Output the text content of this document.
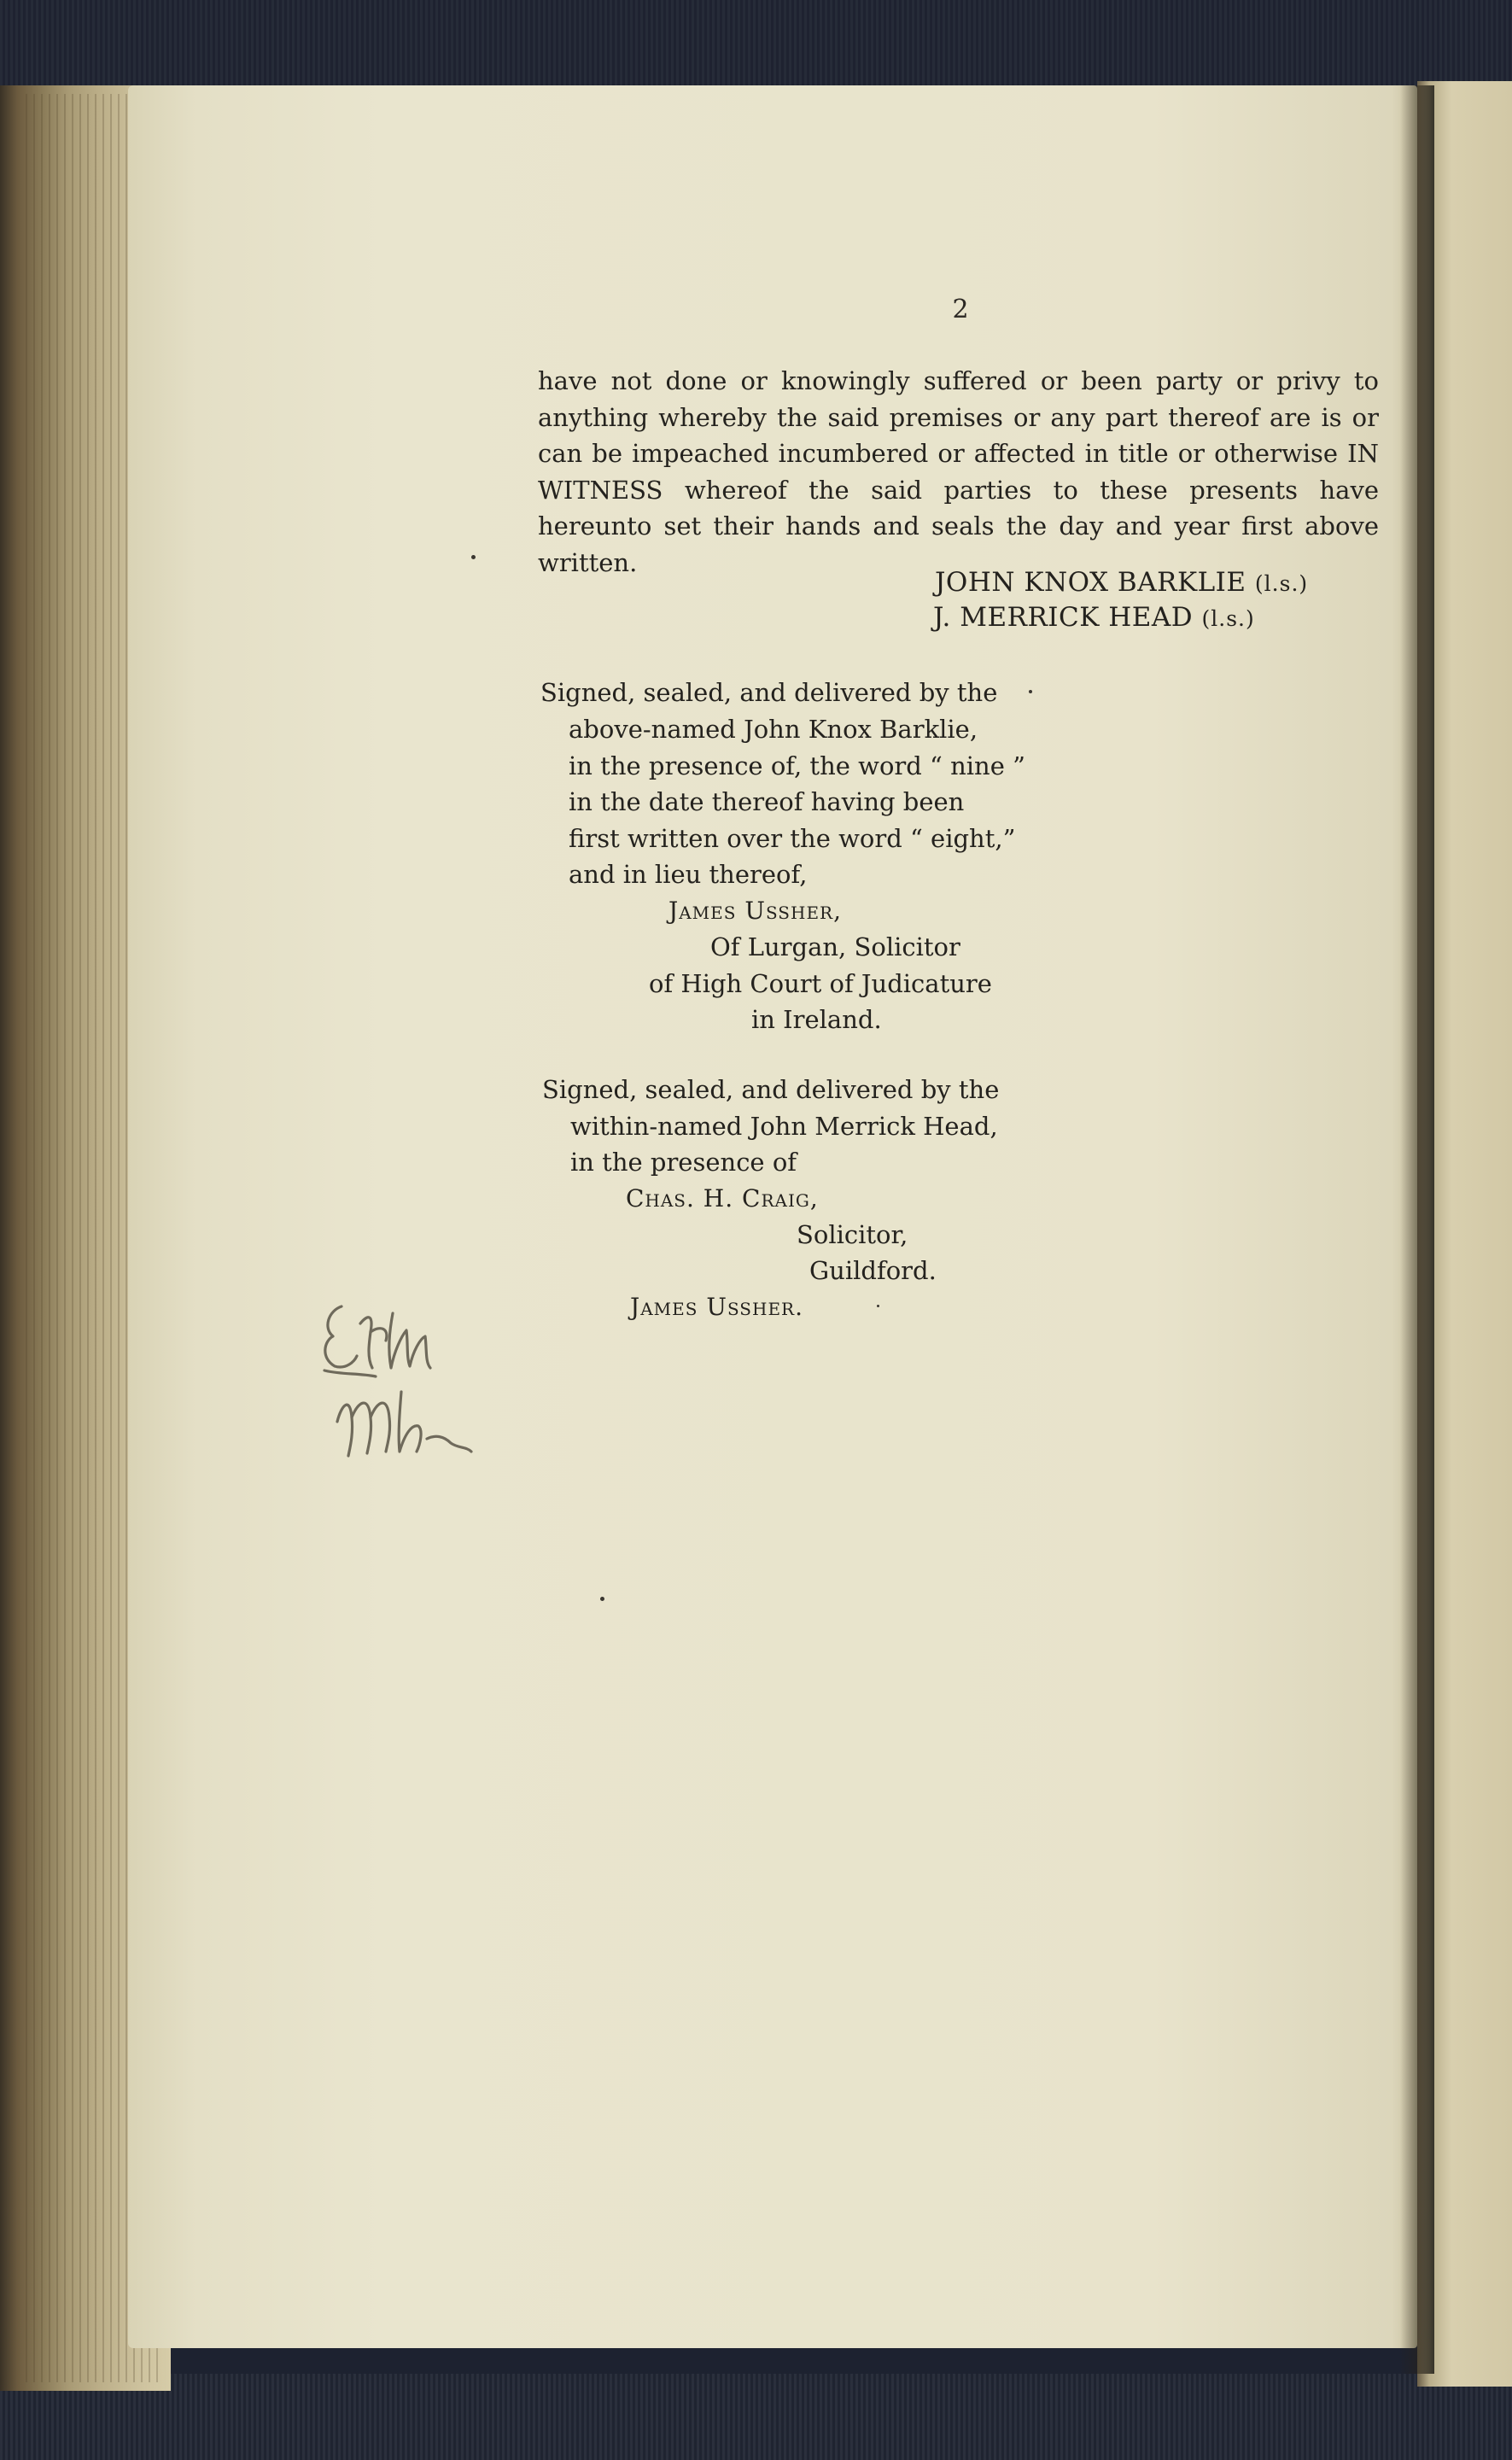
2

have not done or knowingly suffered or been party or privy to anything whereby the said premises or any part thereof are is or can be impeached incumbered or affected in title or otherwise IN WITNESS whereof the said parties to these presents have hereunto set their hands and seals the day and year first above written.

JOHN KNOX BARKLIE (l.s.)
J. MERRICK HEAD (l.s.)
Signed, sealed, and delivered by the
above-named John Knox Barklie,
in the presence of, the word “ nine ”
in the date thereof having been
first written over the word “ eight,”
and in lieu thereof,
James Ussher,
Of Lurgan, Solicitor
of High Court of Judicature
in Ireland.
Signed, sealed, and delivered by the
within-named John Merrick Head,
in the presence of
Chas. H. Craig,
Solicitor,
Guildford.
James Ussher.
